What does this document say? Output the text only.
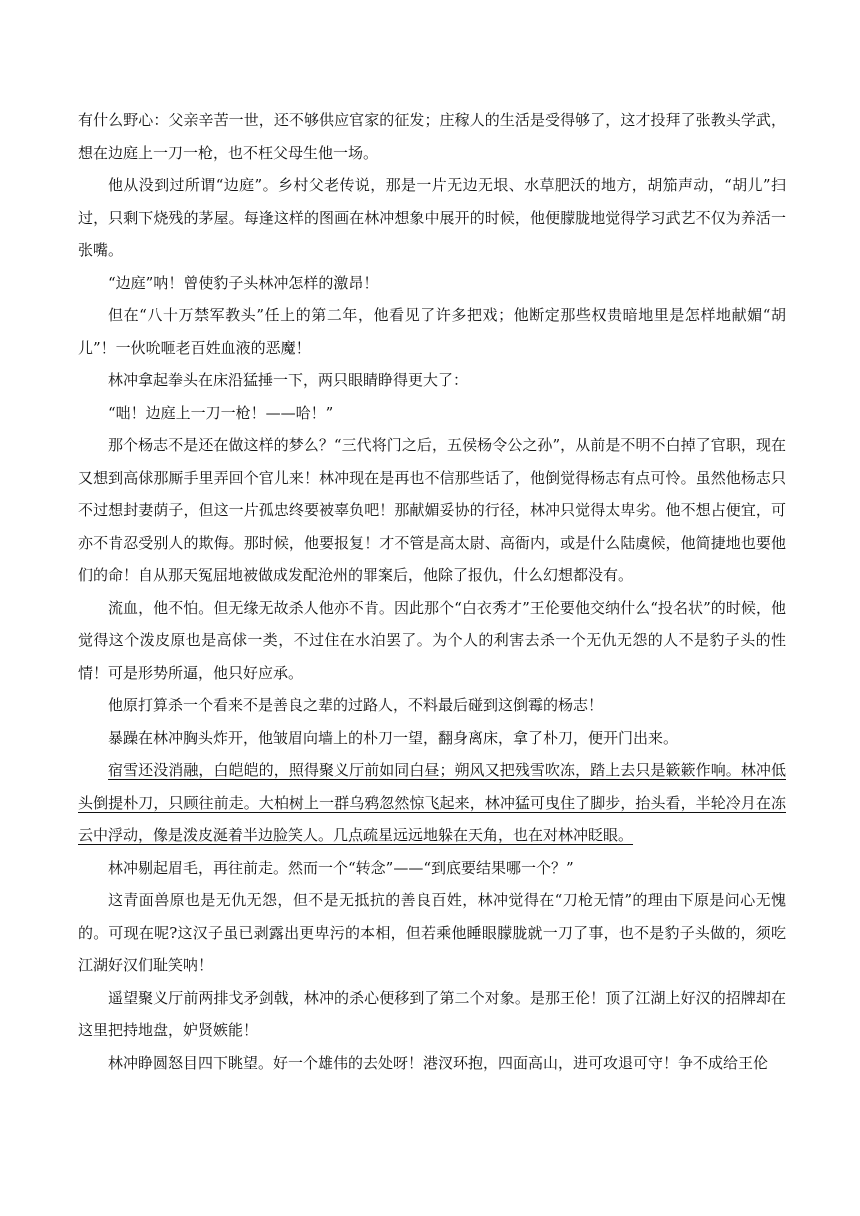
有什么野心：父亲辛苦一世，还不够供应官家的征发；庄稼人的生活是受得够了，这才投拜了张教头学武，想在边庭上一刀一枪，也不枉父母生他一场。

他从没到过所谓“边庭”。乡村父老传说，那是一片无边无垠、水草肥沃的地方，胡笳声动，“胡儿”扫过，只剩下烧残的茅屋。每逢这样的图画在林冲想象中展开的时候，他便朦胧地觉得学习武艺不仅为养活一张嘴。

“边庭”呐！曾使豹子头林冲怎样的激昂！

但在“八十万禁军教头”任上的第二年，他看见了许多把戏；他断定那些权贵暗地里是怎样地献媚“胡儿”！一伙吮咂老百姓血液的恶魔！

林冲拿起拳头在床沿猛捶一下，两只眼睛睁得更大了：

“咄！边庭上一刀一枪！——哈！”

那个杨志不是还在做这样的梦么？“三代将门之后，五侯杨令公之孙”，从前是不明不白掉了官职，现在又想到高俅那厮手里弄回个官儿来！林冲现在是再也不信那些话了，他倒觉得杨志有点可怜。虽然他杨志只不过想封妻荫子，但这一片孤忠终要被辜负吧！那献媚妥协的行径，林冲只觉得太卑劣。他不想占便宜，可亦不肯忍受别人的欺侮。那时候，他要报复！才不管是高太尉、高衙内，或是什么陆虞候，他简捷地也要他们的命！自从那天冤屈地被做成发配沧州的罪案后，他除了报仇，什么幻想都没有。

流血，他不怕。但无缘无故杀人他亦不肯。因此那个“白衣秀才”王伦要他交纳什么“投名状”的时候，他觉得这个泼皮原也是高俅一类，不过住在水泊罢了。为个人的利害去杀一个无仇无怨的人不是豹子头的性情！可是形势所逼，他只好应承。

他原打算杀一个看来不是善良之辈的过路人，不料最后碰到这倒霉的杨志！

暴躁在林冲胸头炸开，他皱眉向墙上的朴刀一望，翻身离床，拿了朴刀，便开门出来。

宿雪还没消融，白皑皑的，照得聚义厅前如同白昼；朔风又把残雪吹冻，踏上去只是簌簌作响。林冲低头倒提朴刀，只顾往前走。大柏树上一群乌鸦忽然惊飞起来，林冲猛可曳住了脚步，抬头看，半轮冷月在冻云中浮动，像是泼皮涎着半边脸笑人。几点疏星远远地躲在天角，也在对林冲眨眼。

林冲剔起眉毛，再往前走。然而一个“转念”——“到底要结果哪一个？”

这青面兽原也是无仇无怨，但不是无抵抗的善良百姓，林冲觉得在“刀枪无情”的理由下原是问心无愧的。可现在呢?这汉子虽已剥露出更卑污的本相，但若乘他睡眼朦胧就一刀了事，也不是豹子头做的，须吃江湖好汉们耻笑呐！

遥望聚义厅前两排戈矛剑戟，林冲的杀心便移到了第二个对象。是那王伦！顶了江湖上好汉的招牌却在这里把持地盘，妒贤嫉能！

林冲睁圆怒目四下眺望。好一个雄伟的去处呀！港汊环抱，四面高山，进可攻退可守！争不成给王伦
